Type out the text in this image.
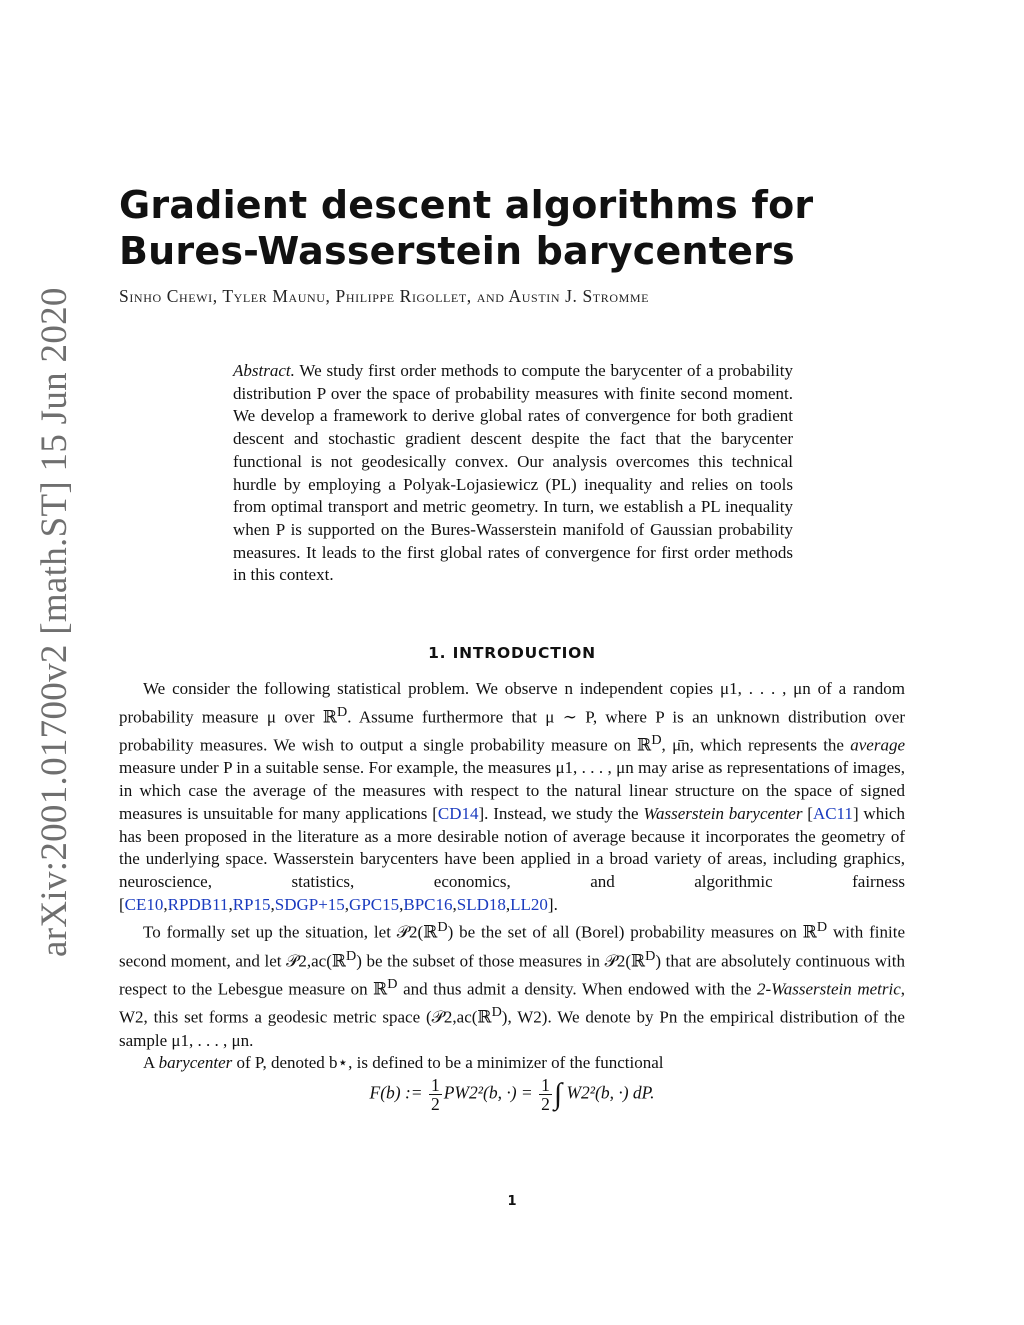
arXiv:2001.01700v2 [math.ST] 15 Jun 2020
Gradient descent algorithms for
Bures-Wasserstein barycenters
Sinho Chewi, Tyler Maunu, Philippe Rigollet, and Austin J. Stromme

Abstract. We study first order methods to compute the barycenter of a probability distribution P over the space of probability measures with finite second moment. We develop a framework to derive global rates of convergence for both gradient descent and stochastic gradient descent despite the fact that the barycenter functional is not geodesically convex. Our analysis overcomes this technical hurdle by employing a Polyak-Lojasiewicz (PL) inequality and relies on tools from optimal transport and metric geometry. In turn, we establish a PL inequality when P is supported on the Bures-Wasserstein manifold of Gaussian probability measures. It leads to the first global rates of convergence for first order methods in this context.

1. INTRODUCTION

We consider the following statistical problem. We observe n independent copies μ1, . . . , μn of a random probability measure μ over ℝ$^D$. Assume furthermore that μ ∼ P, where P is an unknown distribution over probability measures. We wish to output a single probability measure on ℝ$^D$, μ̄n, which represents the average measure under P in a suitable sense. For example, the measures μ1, . . . , μn may arise as representations of images, in which case the average of the measures with respect to the natural linear structure on the space of signed measures is unsuitable for many applications [CD14]. Instead, we study the Wasserstein barycenter [AC11] which has been proposed in the literature as a more desirable notion of average because it incorporates the geometry of the underlying space. Wasserstein barycenters have been applied in a broad variety of areas, including graphics, neuroscience, statistics, economics, and algorithmic fairness [CE10,RPDB11,RP15,SDGP+15,GPC15,BPC16,SLD18,LL20].

To formally set up the situation, let 𝒫2(ℝ$^D$) be the set of all (Borel) probability measures on ℝ$^D$ with finite second moment, and let 𝒫2,ac(ℝ$^D$) be the subset of those measures in 𝒫2(ℝ$^D$) that are absolutely continuous with respect to the Lebesgue measure on ℝ$^D$ and thus admit a density. When endowed with the 2-Wasserstein metric, W2, this set forms a geodesic metric space (𝒫2,ac(ℝ$^D$), W2). We denote by Pn the empirical distribution of the sample μ1, . . . , μn.

A barycenter of P, denoted b⋆, is defined to be a minimizer of the functional

F(b) := $\frac{1}{2} PW2^2(b$, ·) = $\frac{1}{2}$ ∫ W2²(b, ·) dP.
1
